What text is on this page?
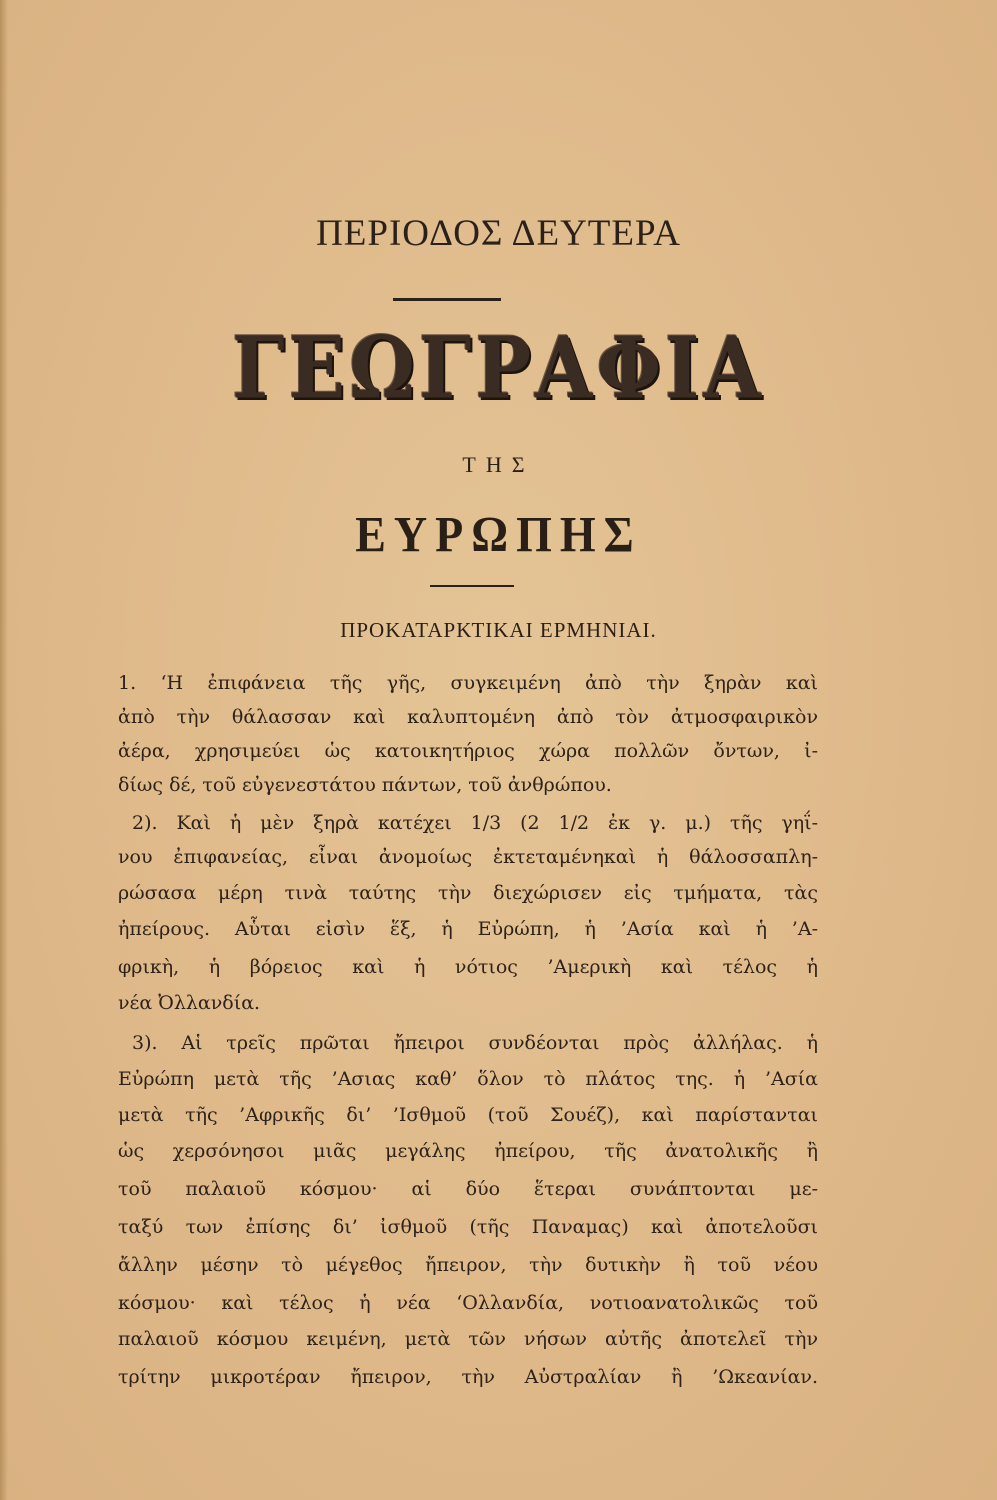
ΠΕΡΙΟΔΟΣ ΔΕΥΤΕΡΑ
ΓΕΩΓΡΑΦΙΑ
ΤΗΣ
ΕΥΡΩΠΗΣ
ΠΡΟΚΑΤΑΡΚΤΙΚΑΙ ΕΡΜΗΝΙΑΙ.
1. ‘Η ἐπιφάνεια τῆς γῆς, συγκειμένη ἀπὸ τὴν ξηρὰν καὶ
ἀπὸ τὴν θάλασσαν καὶ καλυπτομένη ἀπὸ τὸν ἀτμοσφαιρικὸν
ἀέρα, χρησιμεύει ὡς κατοικητήριος χώρα πολλῶν ὄντων, ἰ-
δίως δέ, τοῦ εὐγενεστάτου πάντων, τοῦ ἀνθρώπου.
2). Καὶ ἡ μὲν ξηρὰ κατέχει 1/3 (2 1/2 ἐκ γ. μ.) τῆς γηΐ-
νου ἐπιφανείας, εἶναι ἀνομοίως ἐκτεταμένηκαὶ ἡ θάλοσσαπλη-
ρώσασα μέρη τινὰ ταύτης τὴν διεχώρισεν εἰς τμήματα, τὰς
ἠπείρους. Αὗται εἰσὶν ἕξ, ἡ Εὐρώπη, ἡ ’Ασία καὶ ἡ ’Α-
φρικὴ, ἡ βόρειος καὶ ἡ νότιος ’Αμερικὴ καὶ τέλος ἡ
νέα Ὀλλανδία.
3). Αἱ τρεῖς πρῶται ἤπειροι συνδέονται πρὸς ἀλλήλας. ἡ
Εὐρώπη μετὰ τῆς ’Ασιας καθ’ ὅλον τὸ πλάτος της. ἡ ’Ασία
μετὰ τῆς ’Αφρικῆς δι’ ’Ισθμοῦ (τοῦ Σουέζ), καὶ παρίστανται
ὡς χερσόνησοι μιᾶς μεγάλης ἠπείρου, τῆς ἀνατολικῆς ἢ
τοῦ παλαιοῦ κόσμου· αἱ δύο ἕτεραι συνάπτονται με-
ταξύ των ἐπίσης δι’ ἰσθμοῦ (τῆς Παναμας) καὶ ἀποτελοῦσι
ἄλλην μέσην τὸ μέγεθος ἤπειρον, τὴν δυτικὴν ἢ τοῦ νέου
κόσμου· καὶ τέλος ἡ νέα ‘Ολλανδία, νοτιοανατολικῶς τοῦ
παλαιοῦ κόσμου κειμένη, μετὰ τῶν νήσων αὐτῆς ἀποτελεῖ τὴν
τρίτην μικροτέραν ἤπειρον, τὴν Αὐστραλίαν ἢ ’Ωκεανίαν.
